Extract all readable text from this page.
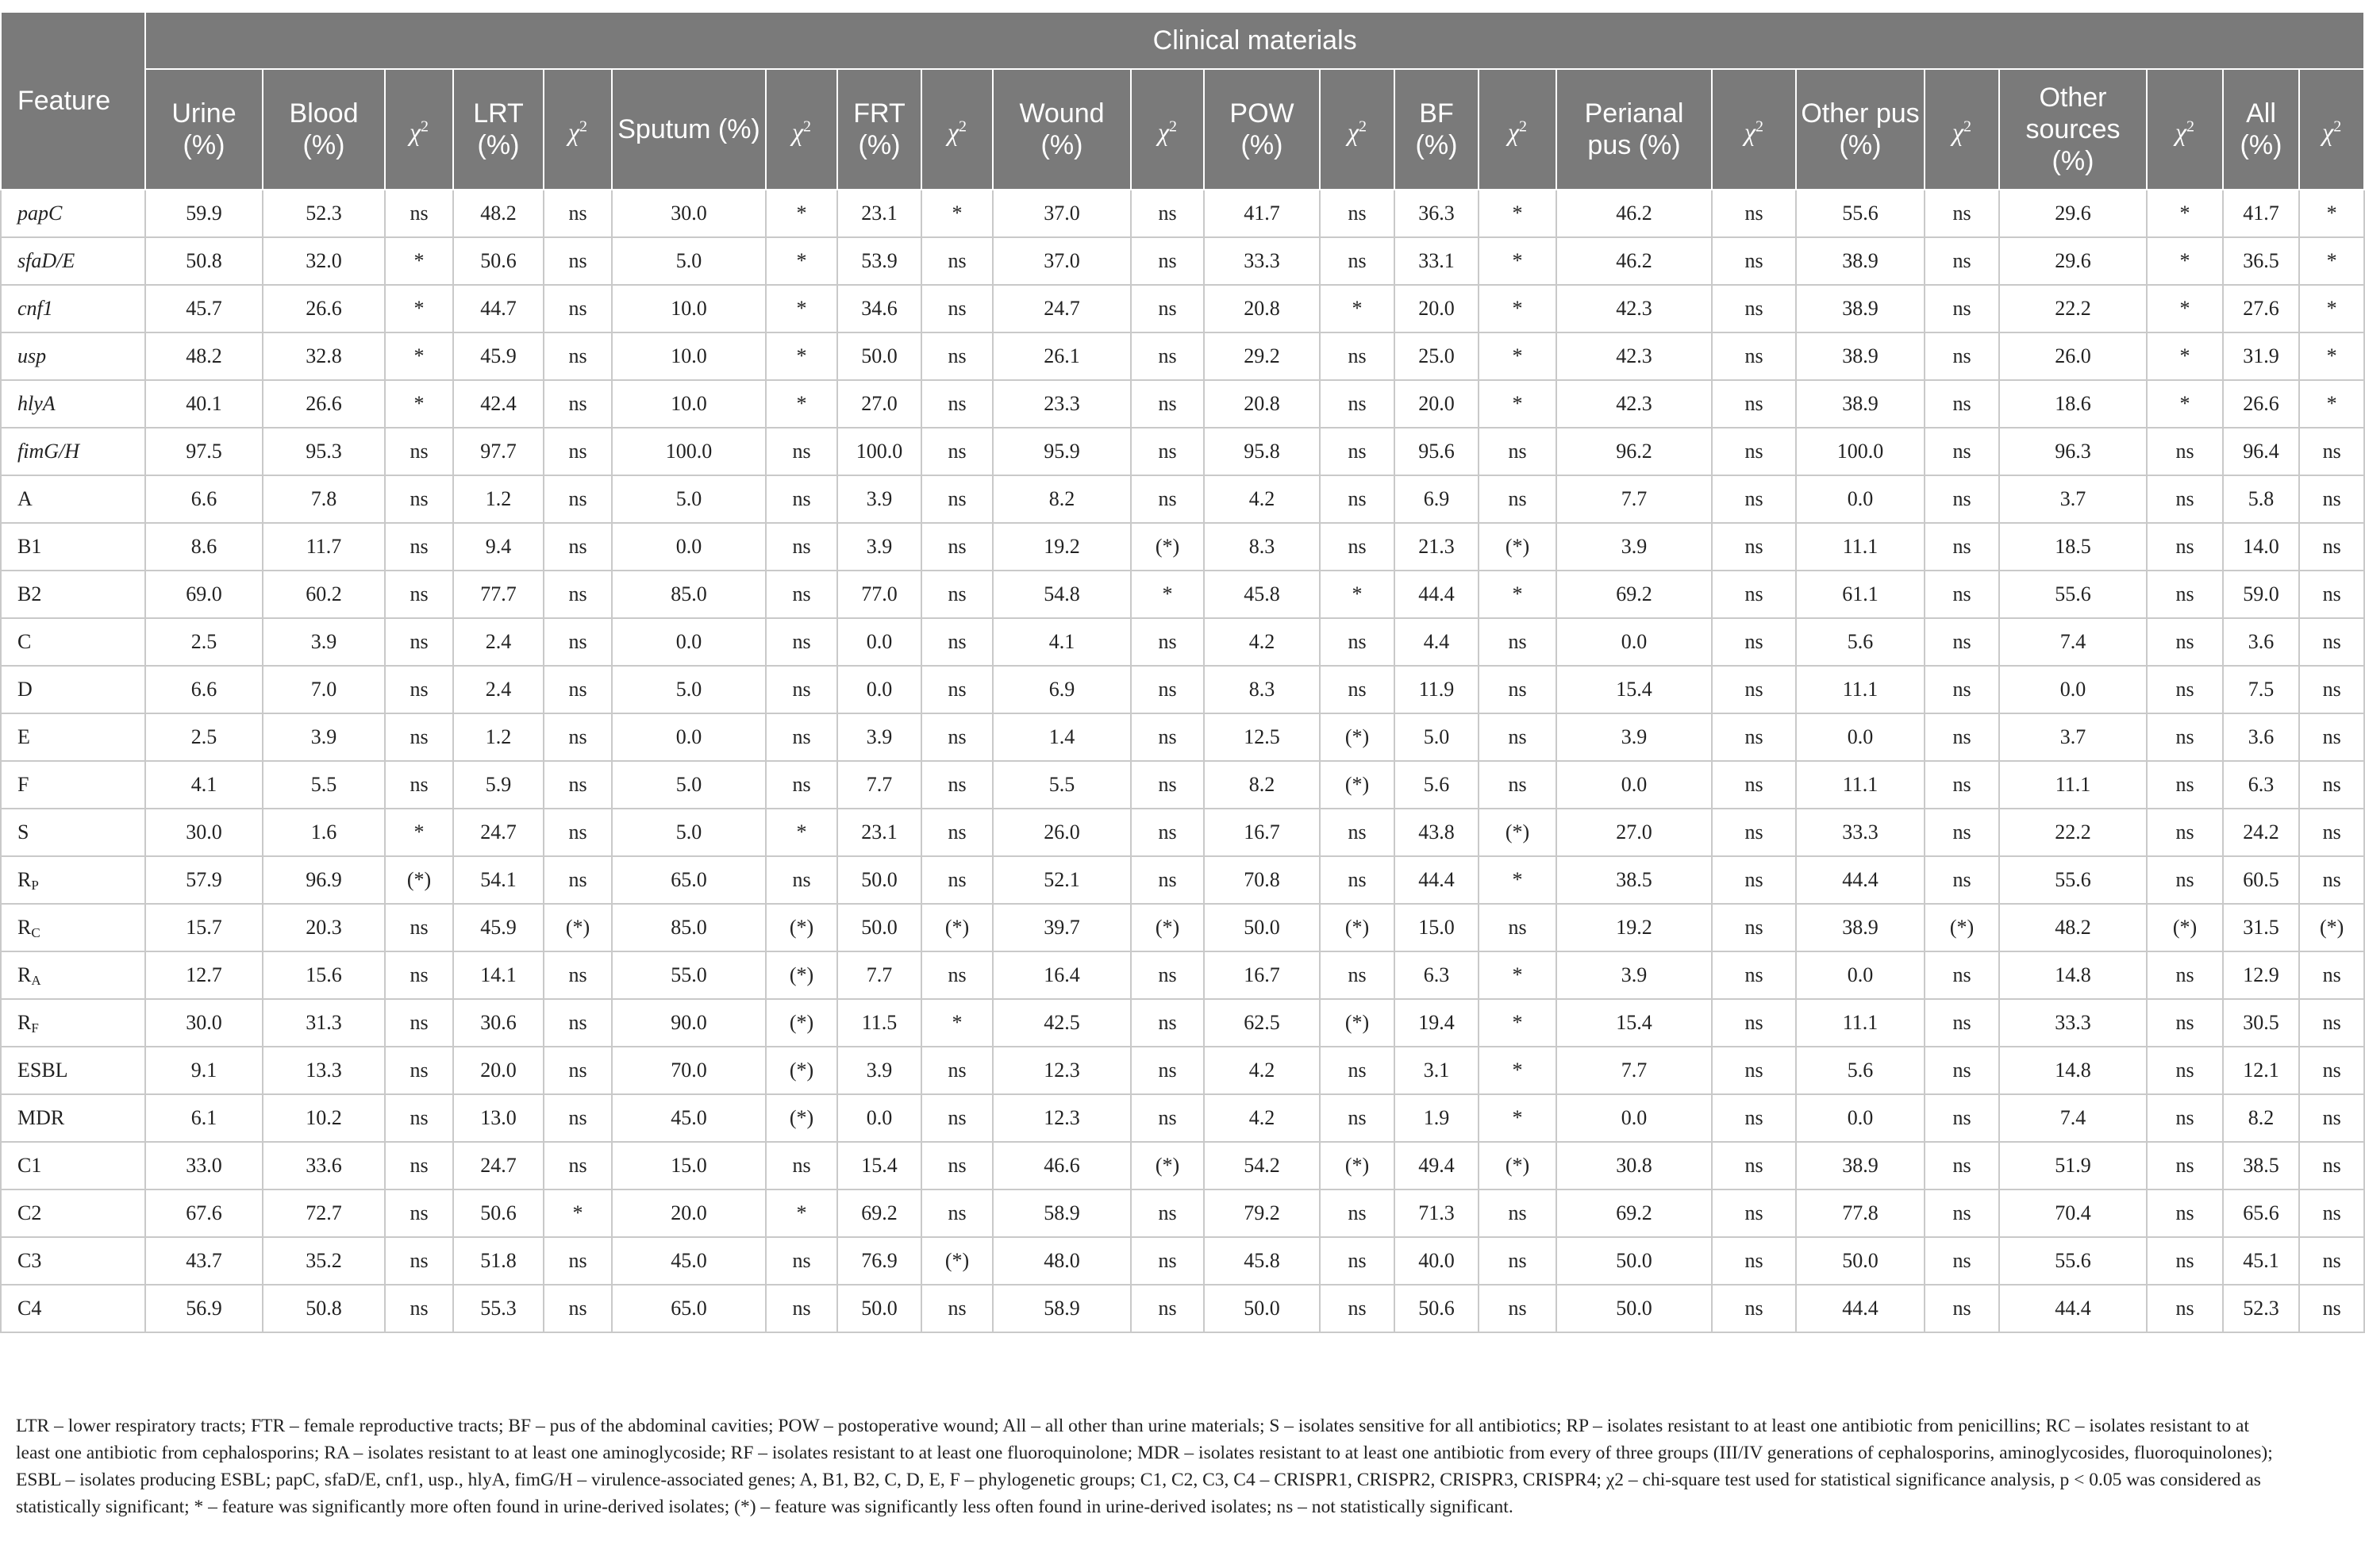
Feature	Clinical materials																						
	Urine (%)	Blood (%)	$\chi^2$	LRT (%)	$\chi^2$	Sputum (%)	$\chi^2$	FRT (%)	$\chi^2$	Wound (%)	$\chi^2$	POW (%)	$\chi^2$	BF (%)	$\chi^2$	Perianal pus (%)	$\chi^2$	Other pus (%)	$\chi^2$	Other sources (%)	$\chi^2$	All (%)	$\chi^2$
papC	59.9	52.3	ns	48.2	ns	30.0	*	23.1	*	37.0	ns	41.7	ns	36.3	*	46.2	ns	55.6	ns	29.6	*	41.7	*
sfaD/E	50.8	32.0	*	50.6	ns	5.0	*	53.9	ns	37.0	ns	33.3	ns	33.1	*	46.2	ns	38.9	ns	29.6	*	36.5	*
cnf1	45.7	26.6	*	44.7	ns	10.0	*	34.6	ns	24.7	ns	20.8	*	20.0	*	42.3	ns	38.9	ns	22.2	*	27.6	*
usp	48.2	32.8	*	45.9	ns	10.0	*	50.0	ns	26.1	ns	29.2	ns	25.0	*	42.3	ns	38.9	ns	26.0	*	31.9	*
hlyA	40.1	26.6	*	42.4	ns	10.0	*	27.0	ns	23.3	ns	20.8	ns	20.0	*	42.3	ns	38.9	ns	18.6	*	26.6	*
fimG/H	97.5	95.3	ns	97.7	ns	100.0	ns	100.0	ns	95.9	ns	95.8	ns	95.6	ns	96.2	ns	100.0	ns	96.3	ns	96.4	ns
A	6.6	7.8	ns	1.2	ns	5.0	ns	3.9	ns	8.2	ns	4.2	ns	6.9	ns	7.7	ns	0.0	ns	3.7	ns	5.8	ns
B1	8.6	11.7	ns	9.4	ns	0.0	ns	3.9	ns	19.2	(*)	8.3	ns	21.3	(*)	3.9	ns	11.1	ns	18.5	ns	14.0	ns
B2	69.0	60.2	ns	77.7	ns	85.0	ns	77.0	ns	54.8	*	45.8	*	44.4	*	69.2	ns	61.1	ns	55.6	ns	59.0	ns
C	2.5	3.9	ns	2.4	ns	0.0	ns	0.0	ns	4.1	ns	4.2	ns	4.4	ns	0.0	ns	5.6	ns	7.4	ns	3.6	ns
D	6.6	7.0	ns	2.4	ns	5.0	ns	0.0	ns	6.9	ns	8.3	ns	11.9	ns	15.4	ns	11.1	ns	0.0	ns	7.5	ns
E	2.5	3.9	ns	1.2	ns	0.0	ns	3.9	ns	1.4	ns	12.5	(*)	5.0	ns	3.9	ns	0.0	ns	3.7	ns	3.6	ns
F	4.1	5.5	ns	5.9	ns	5.0	ns	7.7	ns	5.5	ns	8.2	(*)	5.6	ns	0.0	ns	11.1	ns	11.1	ns	6.3	ns
S	30.0	1.6	*	24.7	ns	5.0	*	23.1	ns	26.0	ns	16.7	ns	43.8	(*)	27.0	ns	33.3	ns	22.2	ns	24.2	ns
$R_P$	57.9	96.9	(*)	54.1	ns	65.0	ns	50.0	ns	52.1	ns	70.8	ns	44.4	*	38.5	ns	44.4	ns	55.6	ns	60.5	ns
$R_C$	15.7	20.3	ns	45.9	(*)	85.0	(*)	50.0	(*)	39.7	(*)	50.0	(*)	15.0	ns	19.2	ns	38.9	(*)	48.2	(*)	31.5	(*)
$R_A$	12.7	15.6	ns	14.1	ns	55.0	(*)	7.7	ns	16.4	ns	16.7	ns	6.3	*	3.9	ns	0.0	ns	14.8	ns	12.9	ns
$R_F$	30.0	31.3	ns	30.6	ns	90.0	(*)	11.5	*	42.5	ns	62.5	(*)	19.4	*	15.4	ns	11.1	ns	33.3	ns	30.5	ns
ESBL	9.1	13.3	ns	20.0	ns	70.0	(*)	3.9	ns	12.3	ns	4.2	ns	3.1	*	7.7	ns	5.6	ns	14.8	ns	12.1	ns
MDR	6.1	10.2	ns	13.0	ns	45.0	(*)	0.0	ns	12.3	ns	4.2	ns	1.9	*	0.0	ns	0.0	ns	7.4	ns	8.2	ns
C1	33.0	33.6	ns	24.7	ns	15.0	ns	15.4	ns	46.6	(*)	54.2	(*)	49.4	(*)	30.8	ns	38.9	ns	51.9	ns	38.5	ns
C2	67.6	72.7	ns	50.6	*	20.0	*	69.2	ns	58.9	ns	79.2	ns	71.3	ns	69.2	ns	77.8	ns	70.4	ns	65.6	ns
C3	43.7	35.2	ns	51.8	ns	45.0	ns	76.9	(*)	48.0	ns	45.8	ns	40.0	ns	50.0	ns	50.0	ns	55.6	ns	45.1	ns
C4	56.9	50.8	ns	55.3	ns	65.0	ns	50.0	ns	58.9	ns	50.0	ns	50.6	ns	50.0	ns	44.4	ns	44.4	ns	52.3	ns

LTR – lower respiratory tracts; FTR – female reproductive tracts; BF – pus of the abdominal cavities; POW – postoperative wound; All – all other than urine materials; S – isolates sensitive for all antibiotics; RP – isolates resistant to at least one antibiotic from penicillins; RC – isolates resistant to at least one antibiotic from cephalosporins; RA – isolates resistant to at least one aminoglycoside; RF – isolates resistant to at least one fluoroquinolone; MDR – isolates resistant to at least one antibiotic from every of three groups (III/IV generations of cephalosporins, aminoglycosides, fluoroquinolones); ESBL – isolates producing ESBL; papC, sfaD/E, cnf1, usp., hlyA, fimG/H – virulence-associated genes; A, B1, B2, C, D, E, F – phylogenetic groups; C1, C2, C3, C4 – CRISPR1, CRISPR2, CRISPR3, CRISPR4; χ2 – chi-square test used for statistical significance analysis, p < 0.05 was considered as statistically significant; * – feature was significantly more often found in urine-derived isolates; (*) – feature was significantly less often found in urine-derived isolates; ns – not statistically significant.
